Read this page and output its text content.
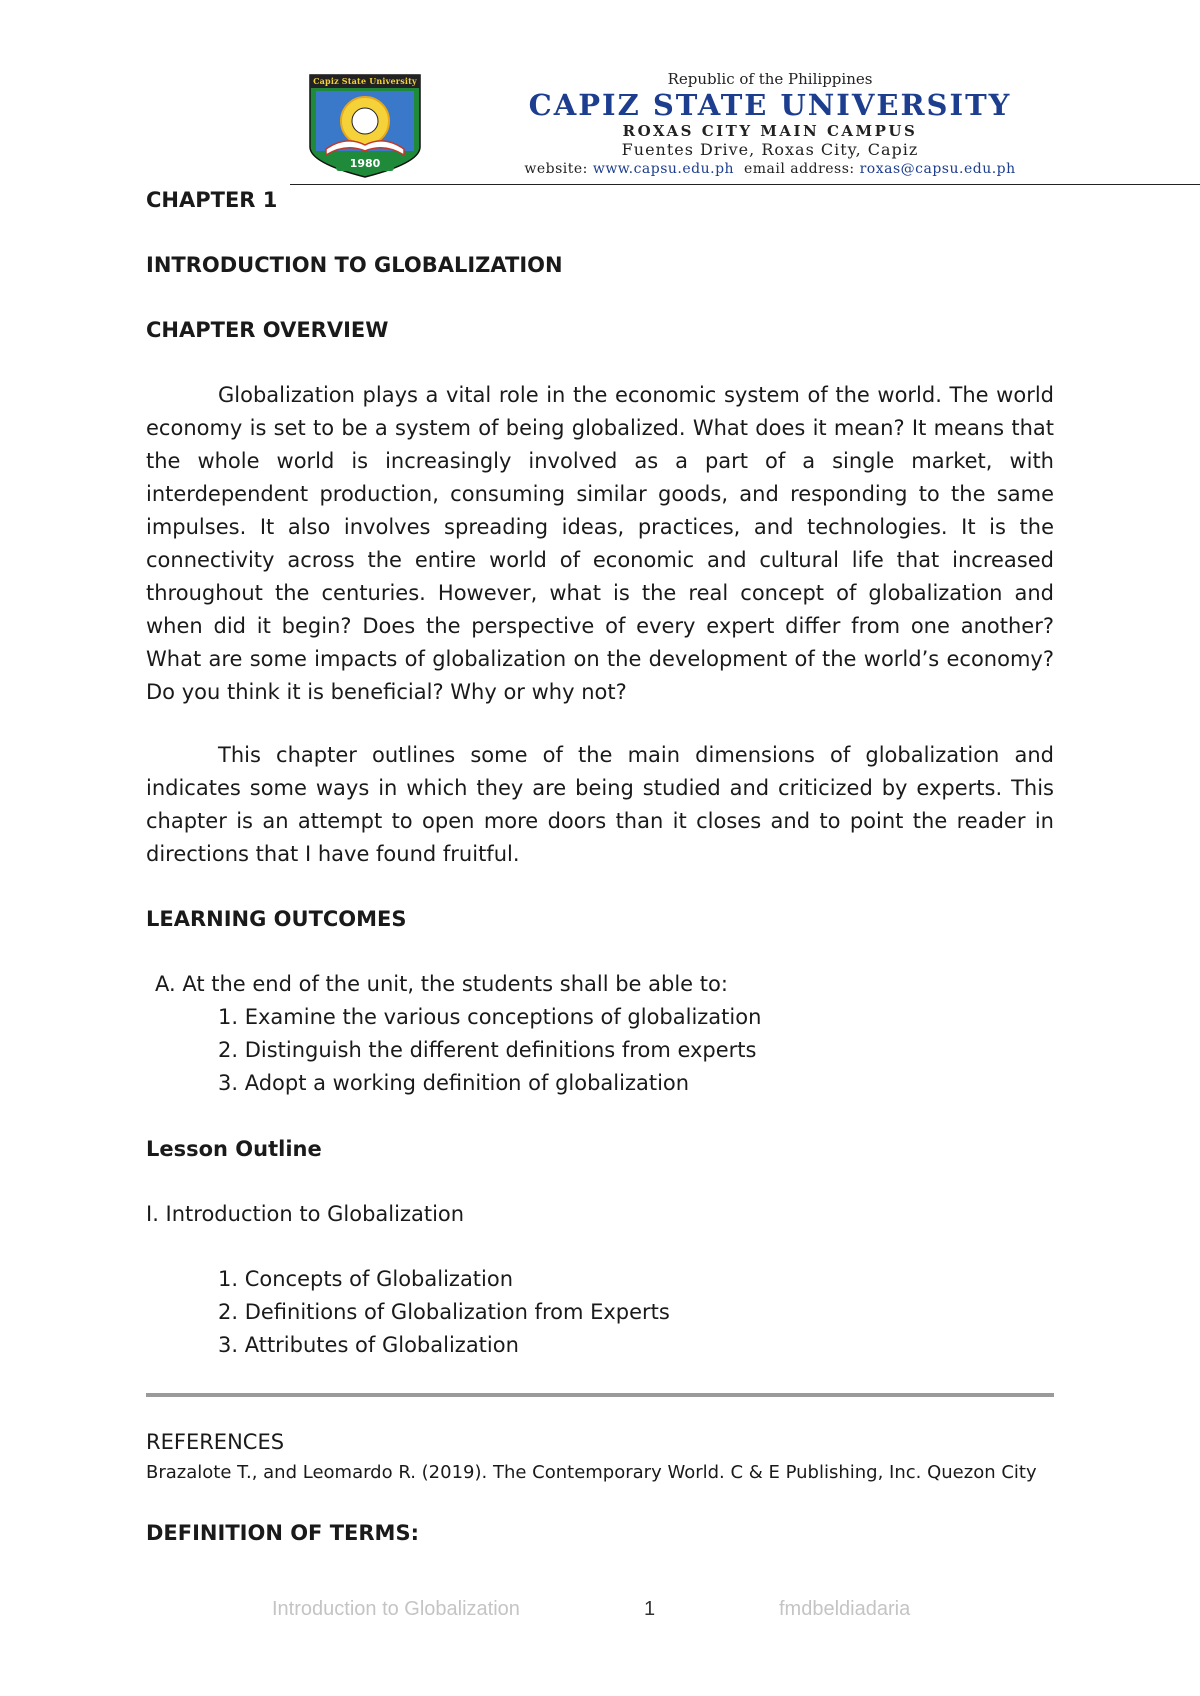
Capiz State University
1980
Republic of the Philippines
CAPIZ STATE UNIVERSITY
ROXAS CITY MAIN CAMPUS
Fuentes Drive, Roxas City, Capiz
website: www.capsu.edu.ph email address: roxas@capsu.edu.ph
CHAPTER 1
INTRODUCTION TO GLOBALIZATION
CHAPTER OVERVIEW

Globalization plays a vital role in the economic system of the world. The world economy is set to be a system of being globalized. What does it mean? It means that the whole world is increasingly involved as a part of a single market, with interdependent production, consuming similar goods, and responding to the same impulses. It also involves spreading ideas, practices, and technologies. It is the connectivity across the entire world of economic and cultural life that increased throughout the centuries. However, what is the real concept of globalization and when did it begin? Does the perspective of every expert differ from one another? What are some impacts of globalization on the development of the world’s economy? Do you think it is beneficial? Why or why not?

This chapter outlines some of the main dimensions of globalization and indicates some ways in which they are being studied and criticized by experts. This chapter is an attempt to open more doors than it closes and to point the reader in directions that I have found fruitful.

LEARNING OUTCOMES
A. At the end of the unit, the students shall be able to:
1. Examine the various conceptions of globalization
2. Distinguish the different definitions from experts
3. Adopt a working definition of globalization
Lesson Outline
I. Introduction to Globalization
1. Concepts of Globalization
2. Definitions of Globalization from Experts
3. Attributes of Globalization
REFERENCES
Brazalote T., and Leomardo R. (2019). The Contemporary World. C & E Publishing, Inc. Quezon City
DEFINITION OF TERMS:
Introduction to Globalization	1	fmdbeldiadaria
